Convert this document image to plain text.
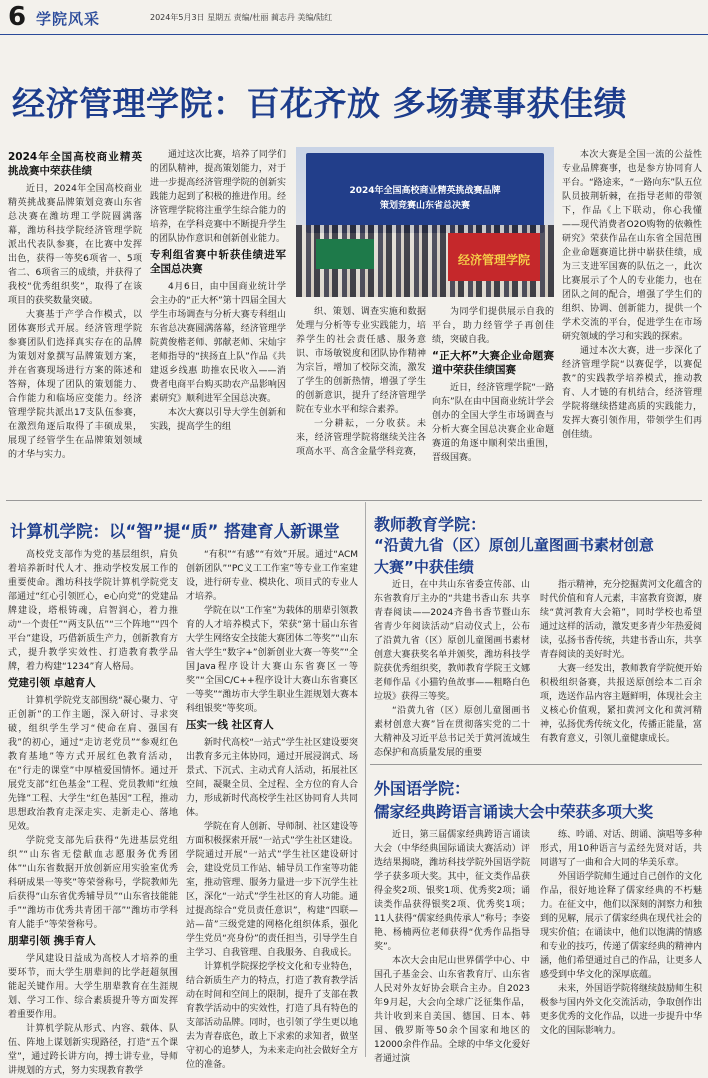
6 学院风采	2024年5月3日 星期五 责编/杜丽 蔺志丹 美编/陆红
经济管理学院：百花齐放 多场赛事获佳绩

2024年全国高校商业精英挑战赛中荣获佳绩

近日，2024年全国高校商业精英挑战赛品牌策划竞赛山东省总决赛在潍坊理工学院圆满落幕，潍坊科技学院经济管理学院派出代表队参赛，在比赛中发挥出色，获得一等奖6项省一、5项省二、6项省三的成绩，并获得了我校“优秀组织奖”，取得了在该项目的获奖数量突破。

大赛基于产学合作模式，以团体赛形式开展。经济管理学院参赛团队们选择真实存在的品牌为策划对象撰写品牌策划方案，并在省赛现场进行方案的陈述和答辩，体现了团队的策划能力、合作能力和临场应变能力。经济管理学院共派出17支队伍参赛，在激烈角逐后取得了丰硕成果，展现了经管学生在品牌策划领域的才华与实力。

通过这次比赛，培养了同学们的团队精神，提高策划能力，对于进一步提高经济管理学院的创新实践能力起到了积极的推进作用。经济管理学院将注重学生综合能力的培养，在学科竞赛中不断提升学生的团队协作意识和创新创业能力。

专利组省赛中斩获佳绩进军全国总决赛

4月6日，由中国商业统计学会主办的“正大杯”第十四届全国大学生市场调查与分析大赛专科组山东省总决赛圆满落幕，经济管理学院黄俊楷老师、郭献老师、宋灿宇老师指导的“挟扬直上队”作品《共建返乡线惠 助推农民收入——消费者电商平台购买助农产品影响因素研究》顺利进军全国总决赛。

本次大赛以引导大学生创新和实践，提高学生的组

2024年全国高校商业精英挑战赛品牌
策划竞赛山东省总决赛
经济管理学院

织、策划、调查实施和数据处理与分析等专业实践能力，培养学生的社会责任感、服务意识、市场敏锐度和团队协作精神为宗旨，增加了校际交流，激发了学生的创新热情，增强了学生的创新意识，提升了经济管理学院在专业水平和综合素养。

一分耕耘，一分收获。未来，经济管理学院将继续关注各项高水平、高含金量学科竞赛，

为同学们提供展示自我的平台，助力经管学子再创佳绩，突破自我。

“正大杯”大赛企业命题赛道中荣获佳绩国赛

近日，经济管理学院“一路向东”队在由中国商业统计学会创办的全国大学生市场调查与分析大赛全国总决赛企业命题赛道的角逐中顺利荣出重围，晋级国赛。

本次大赛是全国一流的公益性专业品牌赛事，也是参方协同育人平台。“路途来，“一路向东”队五位队员披荆斩棘，在指导老师的带领下，作品《上下联动，你心我懂——现代消费者O2O购物的依赖性研究》荣获作品在山东省全国范围企业命题赛道比拼中崭获佳绩，成为三支进军国赛的队伍之一，此次比赛展示了个人的专业能力，也在团队之间的配合，增强了学生们的组织、协调、创新能力，提供一个学术交流的平台，促进学生在市场研究领域的学习和实践的探索。

通过本次大赛，进一步深化了经济管理学院“以赛促学，以赛促教”的实践教学培养模式，推动教育、人才链的有机结合，经济管理学院将继续搭建高质的实践能力，发挥大赛引领作用，带领学生们再创佳绩。

计算机学院：以“智”提“质” 搭建育人新课堂

高校党支部作为党的基层组织，肩负着培养新时代人才、推动学校发展工作的重要使命。潍坊科技学院计算机学院党支部通过“红心引领匠心，e心向党”的党建品牌建设，塔根铸魂，启智润心，着力推动“一个责任”“两支队伍”“三个阵地”“四个平台”建设，巧借新质生产力，创新教育方式，提升教学实效性、打造教育教学品牌，着力构建“1234”育人格局。

党建引领 卓越育人

计算机学院党支部围绕“凝心聚力、守正创新”的工作主题，深入研讨、寻求突破，组织学生学习“使命在肩、强国有我”的初心，通过“走访老党员”“参观红色教育基地”等方式开展红色教育活动，在“行走的课堂”中厚植爱国情怀。通过开展党支部“红色基金”工程、党员教师“红烛先锋”工程、大学生“红色基因”工程，推动思想政治教育走深走实、走新走心、落地见效。

学院党支部先后获得“先进基层党组织”“山东省无偿献血志愿服务优秀团体”“山东省数据开放创新应用实验室优秀科研成果一等奖”等荣誉称号，学院教师先后获得“山东省优秀辅导员”“山东省技能能手”“潍坊市优秀共青团干部”“潍坊市学科育人能手”等荣誉称号。

朋辈引领 携手育人

学风建设日益成为高校人才培养的重要环节，而大学生朋辈间的比学赶超氛围能起关键作用。大学生朋辈教育在生涯规划、学习工作、综合素质提升等方面发挥着重要作用。

计算机学院从形式、内容、载体、队伍、阵地上谋划新实现路径，打造“五个课堂”，通过跨长讲方向，搏士讲专业，导师讲规划的方式，努力实现教育教学

“有积”“有感”“有效”开展。通过“ACM创新团队”“PC义工工作室”等专业工作室建设，进行研专业、模块化、项目式的专业人才培养。

学院在以“工作室”为载体的朋辈引领教育的人才培养模式下，荣获“第十届山东省大学生网络安全技能大赛团体二等奖”“山东省大学生“数字+”创新创业大赛一等奖”“全国Java程序设计大赛山东省赛区一等奖”“全国C/C++程序设计大赛山东省赛区一等奖”“潍坊市大学生职业生涯规划大赛本科组银奖”等奖项。

压实一线 社区育人

新时代高校“一站式”学生社区建设要突出教育多元主体协同，通过开展浸润式、场景式、下沉式、主动式育人活动，拓展社区空间，凝聚全员、全过程、全方位的育人合力，形成新时代高校学生社区协同育人共同体。

学院在育人创新、导师制、社区建设等方面积极探索开展“一站式”学生社区建设。学院通过开展“一站式”学生社区建设研讨会，建设党员工作站、辅导员工作室等功能室，推动管理、服务力量进一步下沉学生社区，深化“一站式”学生社区的育人功能。通过提高综合“党员责任意识”，构建“四联—站—苗”三级党建的网格化组织体系，强化学生党员“亮身份”的责任担当，引导学生自主学习、自我管理、自我服务、自我成长。

计算机学院探挖学校文化和专业特色，结合新质生产力的特点，打造了教育教学活动在时间和空间上的限制，提升了支部在教育教学活动中的实效性，打造了具有特色的支部活动品牌。同时，也引领了学生更以地去为青春底色，敢上下求索的求知者，做坚守初心的追梦人，为未来走向社会做好全方位的准备。

教师教育学院：
“沿黄九省（区）原创儿童图画书素材创意
大赛”中获佳绩

近日，在中共山东省委宣传部、山东省教育厅主办的“共建书香山东 共享青春阅读——2024齐鲁书香节暨山东省青少年阅读活动”启动仪式上，公布了沿黄九省（区）原创儿童图画书素材创意大赛获奖名单并颁奖，潍坊科技学院获优秀组织奖，教师教育学院王文娜老师作品《小猫钓鱼故事——粗略白色垃圾》获得三等奖。

“沿黄九省（区）原创儿童图画书素材创意大赛”旨在贯彻落实党的二十大精神及习近平总书记关于黄河流域生态保护和高质量发展的重要

指示精神，充分挖掘黄河文化蕴含的时代价值和育人元素，丰富教育资源，赓续“黄河教育大会箱”，同时学校也希望通过这样的活动，激发更多青少年热爱阅读，弘扬书香传统，共建书香山东，共享青春阅读的美好时光。

大赛一经发出，教师教育学院便开始积极组织备赛，共报送原创绘本二百余项，选送作品内容主题鲜明，体现社会主义核心价值观，紧扣黄河文化和黄河精神，弘扬优秀传统文化，传播正能量，富有教育意义，引领儿童健康成长。

外国语学院：
儒家经典跨语言诵读大会中荣获多项大奖

近日，第三届儒家经典跨语言诵读大会（中华经典国际诵读大赛活动）评选结果揭晓，潍坊科技学院外国语学院学子获多项大奖。其中，征文类作品获得金奖2项、银奖1项、优秀奖2项；诵读类作品获得银奖2项、优秀奖1项；11人获得“儒家经典传承人”称号；李姿艳、杨楠两位老师获得“优秀作品指导奖”。

本次大会由尼山世界儒学中心、中国孔子基金会、山东省教育厅、山东省人民对外友好协会联合主办。自2023年9月起，大会向全球广泛征集作品，共计收到来自美国、德国、日本、韩国、俄罗斯等50余个国家和地区的12000余件作品。全球的中华文化爱好者通过演

练、吟诵、对话、朗诵、演唱等多种形式，用10种语言与孟经先贤对话，共同谱写了一曲和合大同的华美乐章。

外国语学院师生通过自己创作的文化作品，很好地诠释了儒家经典的不朽魅力。在征文中，他们以深刻的洞察力和独到的见解，展示了儒家经典在现代社会的现实价值；在诵读中，他们以饱满的情感和专业的技巧，传递了儒家经典的精神内涵，他们希望通过自己的作品，让更多人感受到中华文化的深厚底蕴。

未来，外国语学院将继续鼓励师生积极参与国内外文化交流活动，争取创作出更多优秀的文化作品，以进一步提升中华文化的国际影响力。
